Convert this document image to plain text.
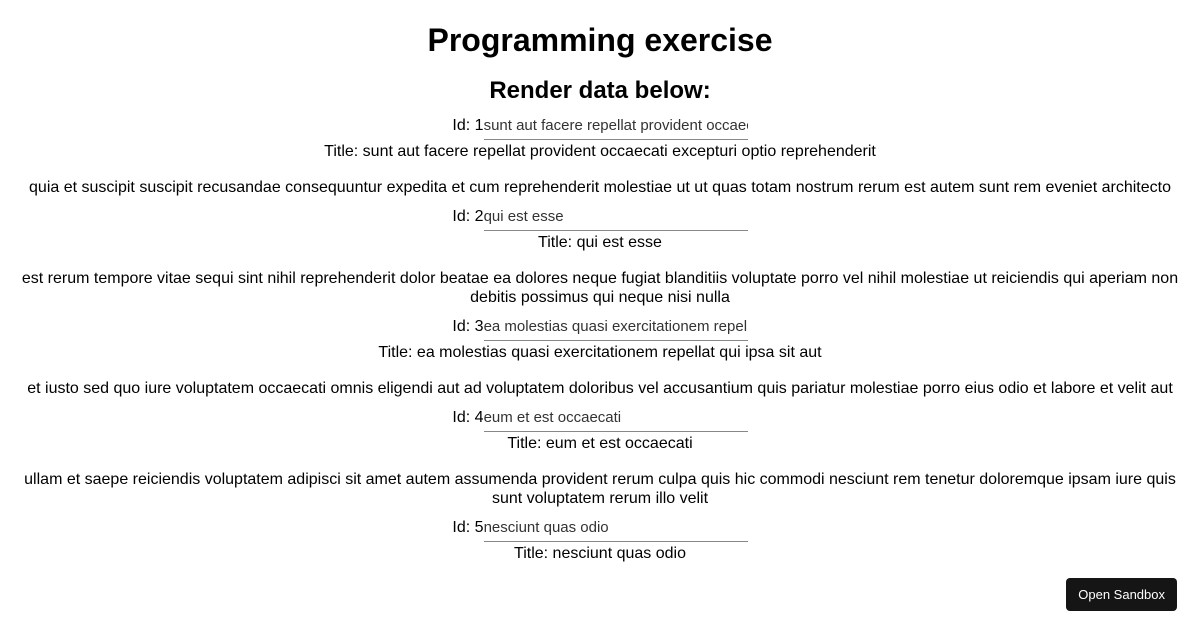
Programming exercise
Render data below:
Id: 1sunt aut facere repellat provident occaecati excepturi optio reprehenderit
Title: sunt aut facere repellat provident occaecati excepturi optio reprehenderit
quia et suscipit suscipit recusandae consequuntur expedita et cum reprehenderit molestiae ut ut quas totam nostrum rerum est autem sunt rem eveniet architecto
Id: 2qui est esse
Title: qui est esse
est rerum tempore vitae sequi sint nihil reprehenderit dolor beatae ea dolores neque fugiat blanditiis voluptate porro vel nihil molestiae ut reiciendis qui aperiam non debitis possimus qui neque nisi nulla
Id: 3ea molestias quasi exercitationem repellat qui ipsa sit aut
Title: ea molestias quasi exercitationem repellat qui ipsa sit aut
et iusto sed quo iure voluptatem occaecati omnis eligendi aut ad voluptatem doloribus vel accusantium quis pariatur molestiae porro eius odio et labore et velit aut
Id: 4eum et est occaecati
Title: eum et est occaecati
ullam et saepe reiciendis voluptatem adipisci sit amet autem assumenda provident rerum culpa quis hic commodi nesciunt rem tenetur doloremque ipsam iure quis sunt voluptatem rerum illo velit
Id: 5nesciunt quas odio
Title: nesciunt quas odio
Open Sandbox
